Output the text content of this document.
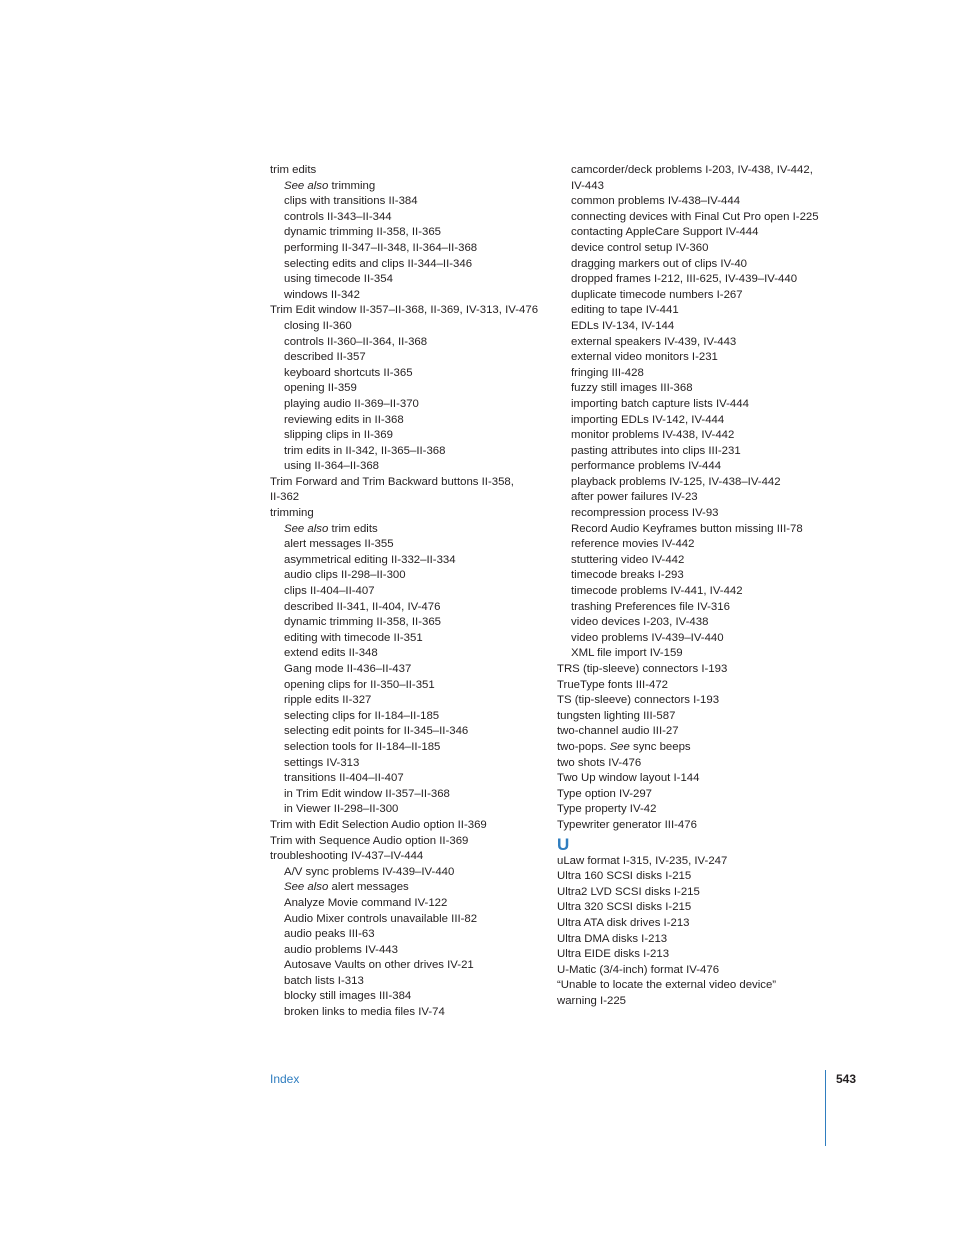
trim edits
See also trimming
clips with transitions II-384
controls II-343–II-344
dynamic trimming II-358, II-365
performing II-347–II-348, II-364–II-368
selecting edits and clips II-344–II-346
using timecode II-354
windows II-342
Trim Edit window II-357–II-368, II-369, IV-313, IV-476
closing II-360
controls II-360–II-364, II-368
described II-357
keyboard shortcuts II-365
opening II-359
playing audio II-369–II-370
reviewing edits in II-368
slipping clips in II-369
trim edits in II-342, II-365–II-368
using II-364–II-368
Trim Forward and Trim Backward buttons II-358,
II-362
trimming
See also trim edits
alert messages II-355
asymmetrical editing II-332–II-334
audio clips II-298–II-300
clips II-404–II-407
described II-341, II-404, IV-476
dynamic trimming II-358, II-365
editing with timecode II-351
extend edits II-348
Gang mode II-436–II-437
opening clips for II-350–II-351
ripple edits II-327
selecting clips for II-184–II-185
selecting edit points for II-345–II-346
selection tools for II-184–II-185
settings IV-313
transitions II-404–II-407
in Trim Edit window II-357–II-368
in Viewer II-298–II-300
Trim with Edit Selection Audio option II-369
Trim with Sequence Audio option II-369
troubleshooting IV-437–IV-444
A/V sync problems IV-439–IV-440
See also alert messages
Analyze Movie command IV-122
Audio Mixer controls unavailable III-82
audio peaks III-63
audio problems IV-443
Autosave Vaults on other drives IV-21
batch lists I-313
blocky still images III-384
broken links to media files IV-74
camcorder/deck problems I-203, IV-438, IV-442,
IV-443
common problems IV-438–IV-444
connecting devices with Final Cut Pro open I-225
contacting AppleCare Support IV-444
device control setup IV-360
dragging markers out of clips IV-40
dropped frames I-212, III-625, IV-439–IV-440
duplicate timecode numbers I-267
editing to tape IV-441
EDLs IV-134, IV-144
external speakers IV-439, IV-443
external video monitors I-231
fringing III-428
fuzzy still images III-368
importing batch capture lists IV-444
importing EDLs IV-142, IV-444
monitor problems IV-438, IV-442
pasting attributes into clips III-231
performance problems IV-444
playback problems IV-125, IV-438–IV-442
after power failures IV-23
recompression process IV-93
Record Audio Keyframes button missing III-78
reference movies IV-442
stuttering video IV-442
timecode breaks I-293
timecode problems IV-441, IV-442
trashing Preferences file IV-316
video devices I-203, IV-438
video problems IV-439–IV-440
XML file import IV-159
TRS (tip-sleeve) connectors I-193
TrueType fonts III-472
TS (tip-sleeve) connectors I-193
tungsten lighting III-587
two-channel audio III-27
two-pops. See sync beeps
two shots IV-476
Two Up window layout I-144
Type option IV-297
Type property IV-42
Typewriter generator III-476
U
uLaw format I-315, IV-235, IV-247
Ultra 160 SCSI disks I-215
Ultra2 LVD SCSI disks I-215
Ultra 320 SCSI disks I-215
Ultra ATA disk drives I-213
Ultra DMA disks I-213
Ultra EIDE disks I-213
U-Matic (3/4-inch) format IV-476
“Unable to locate the external video device”
warning I-225
Index	543
